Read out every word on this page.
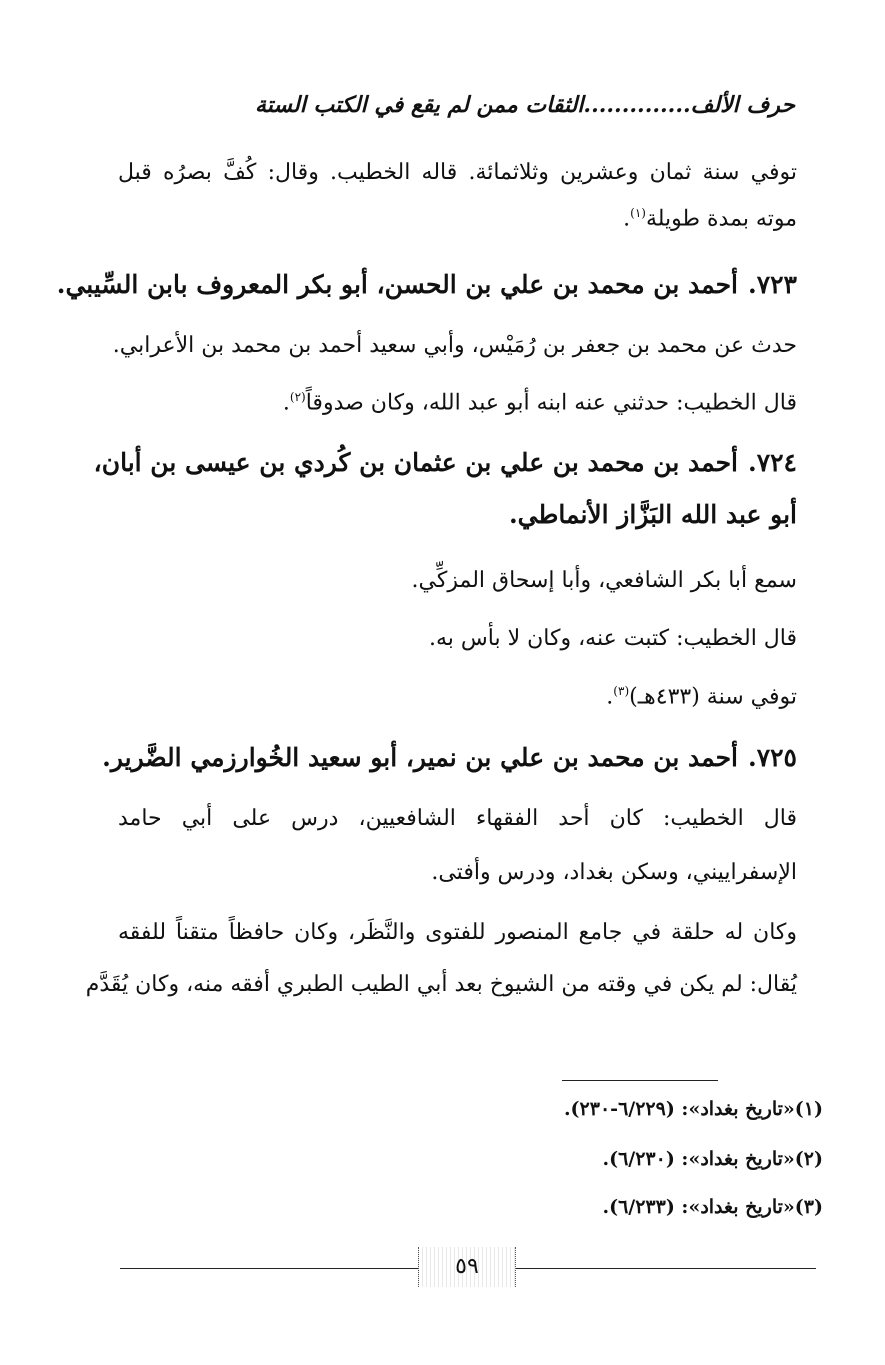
حرف الألف..............الثقات ممن لم يقع في الكتب الستة
توفي سنة ثمان وعشرين وثلاثمائة. قاله الخطيب. وقال: كُفَّ بصرُه قبل
موته بمدة طويلة$^{(١)}$.
٧٢٣.أحمد بن محمد بن علي بن الحسن، أبو بكر المعروف بابن السِّيبي.
حدث عن محمد بن جعفر بن رُمَيْس، وأبي سعيد أحمد بن محمد بن الأعرابي.
قال الخطيب: حدثني عنه ابنه أبو عبد الله، وكان صدوقاً$^{(٢)}$.
٧٢٤.أحمد بن محمد بن علي بن عثمان بن كُردي بن عيسى بن أبان،
أبو عبد الله البَزَّاز الأنماطي.
سمع أبا بكر الشافعي، وأبا إسحاق المزكِّي.
قال الخطيب: كتبت عنه، وكان لا بأس به.
توفي سنة (٤٣٣هـ)$^{(٣)}$.
٧٢٥.أحمد بن محمد بن علي بن نمير، أبو سعيد الخُوارزمي الضَّرير.
قال الخطيب: كان أحد الفقهاء الشافعيين، درس على أبي حامد
الإسفراييني، وسكن بغداد، ودرس وأفتى.
وكان له حلقة في جامع المنصور للفتوى والنَّظَر، وكان حافظاً متقناً للفقه
يُقال: لم يكن في وقته من الشيوخ بعد أبي الطيب الطبري أفقه منه، وكان يُقَدَّم
(١)«تاريخ بغداد»: (٦/٢٢٩-٢٣٠).
(٢)«تاريخ بغداد»: (٦/٢٣٠).
(٣)«تاريخ بغداد»: (٦/٢٣٣).
٥٩
